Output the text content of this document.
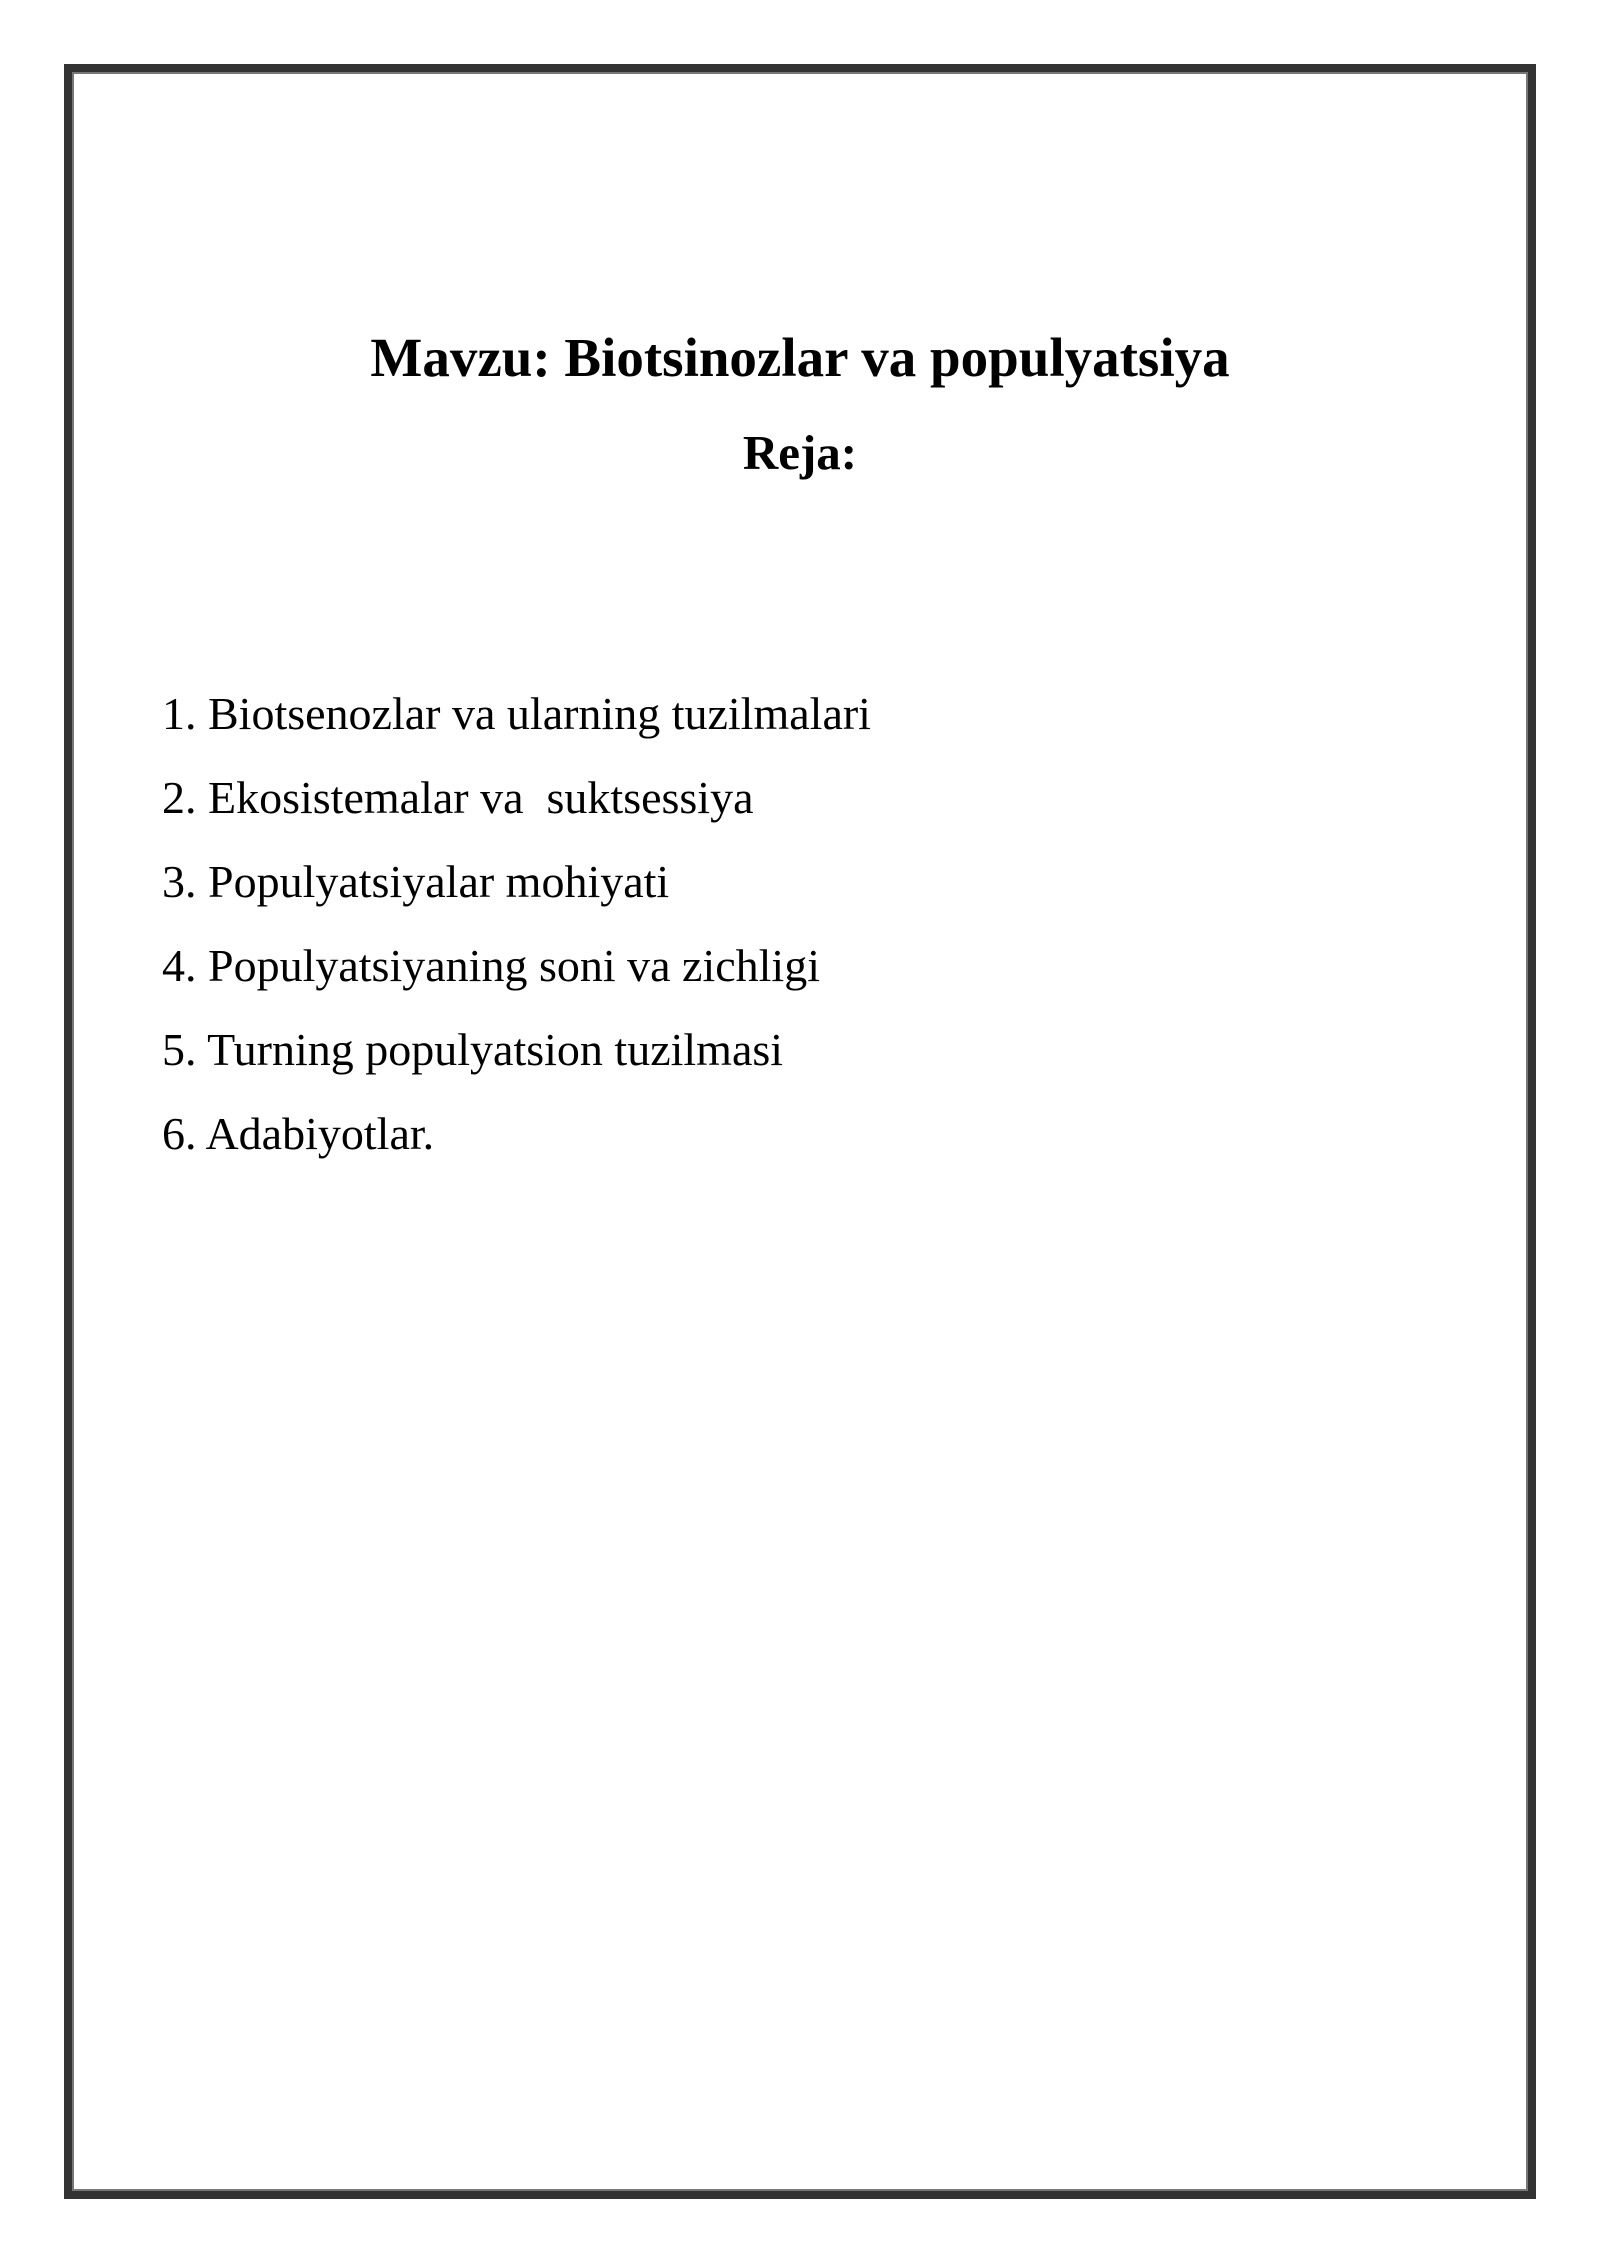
Mavzu: Biotsinozlar va populyatsiya
Reja:
1. Biotsenozlar va ularning tuzilmalari
2. Ekosistemalar va  suktsessiya
3. Populyatsiyalar mohiyati
4. Populyatsiyaning soni va zichligi
5. Turning populyatsion tuzilmasi
6. Adabiyotlar.
